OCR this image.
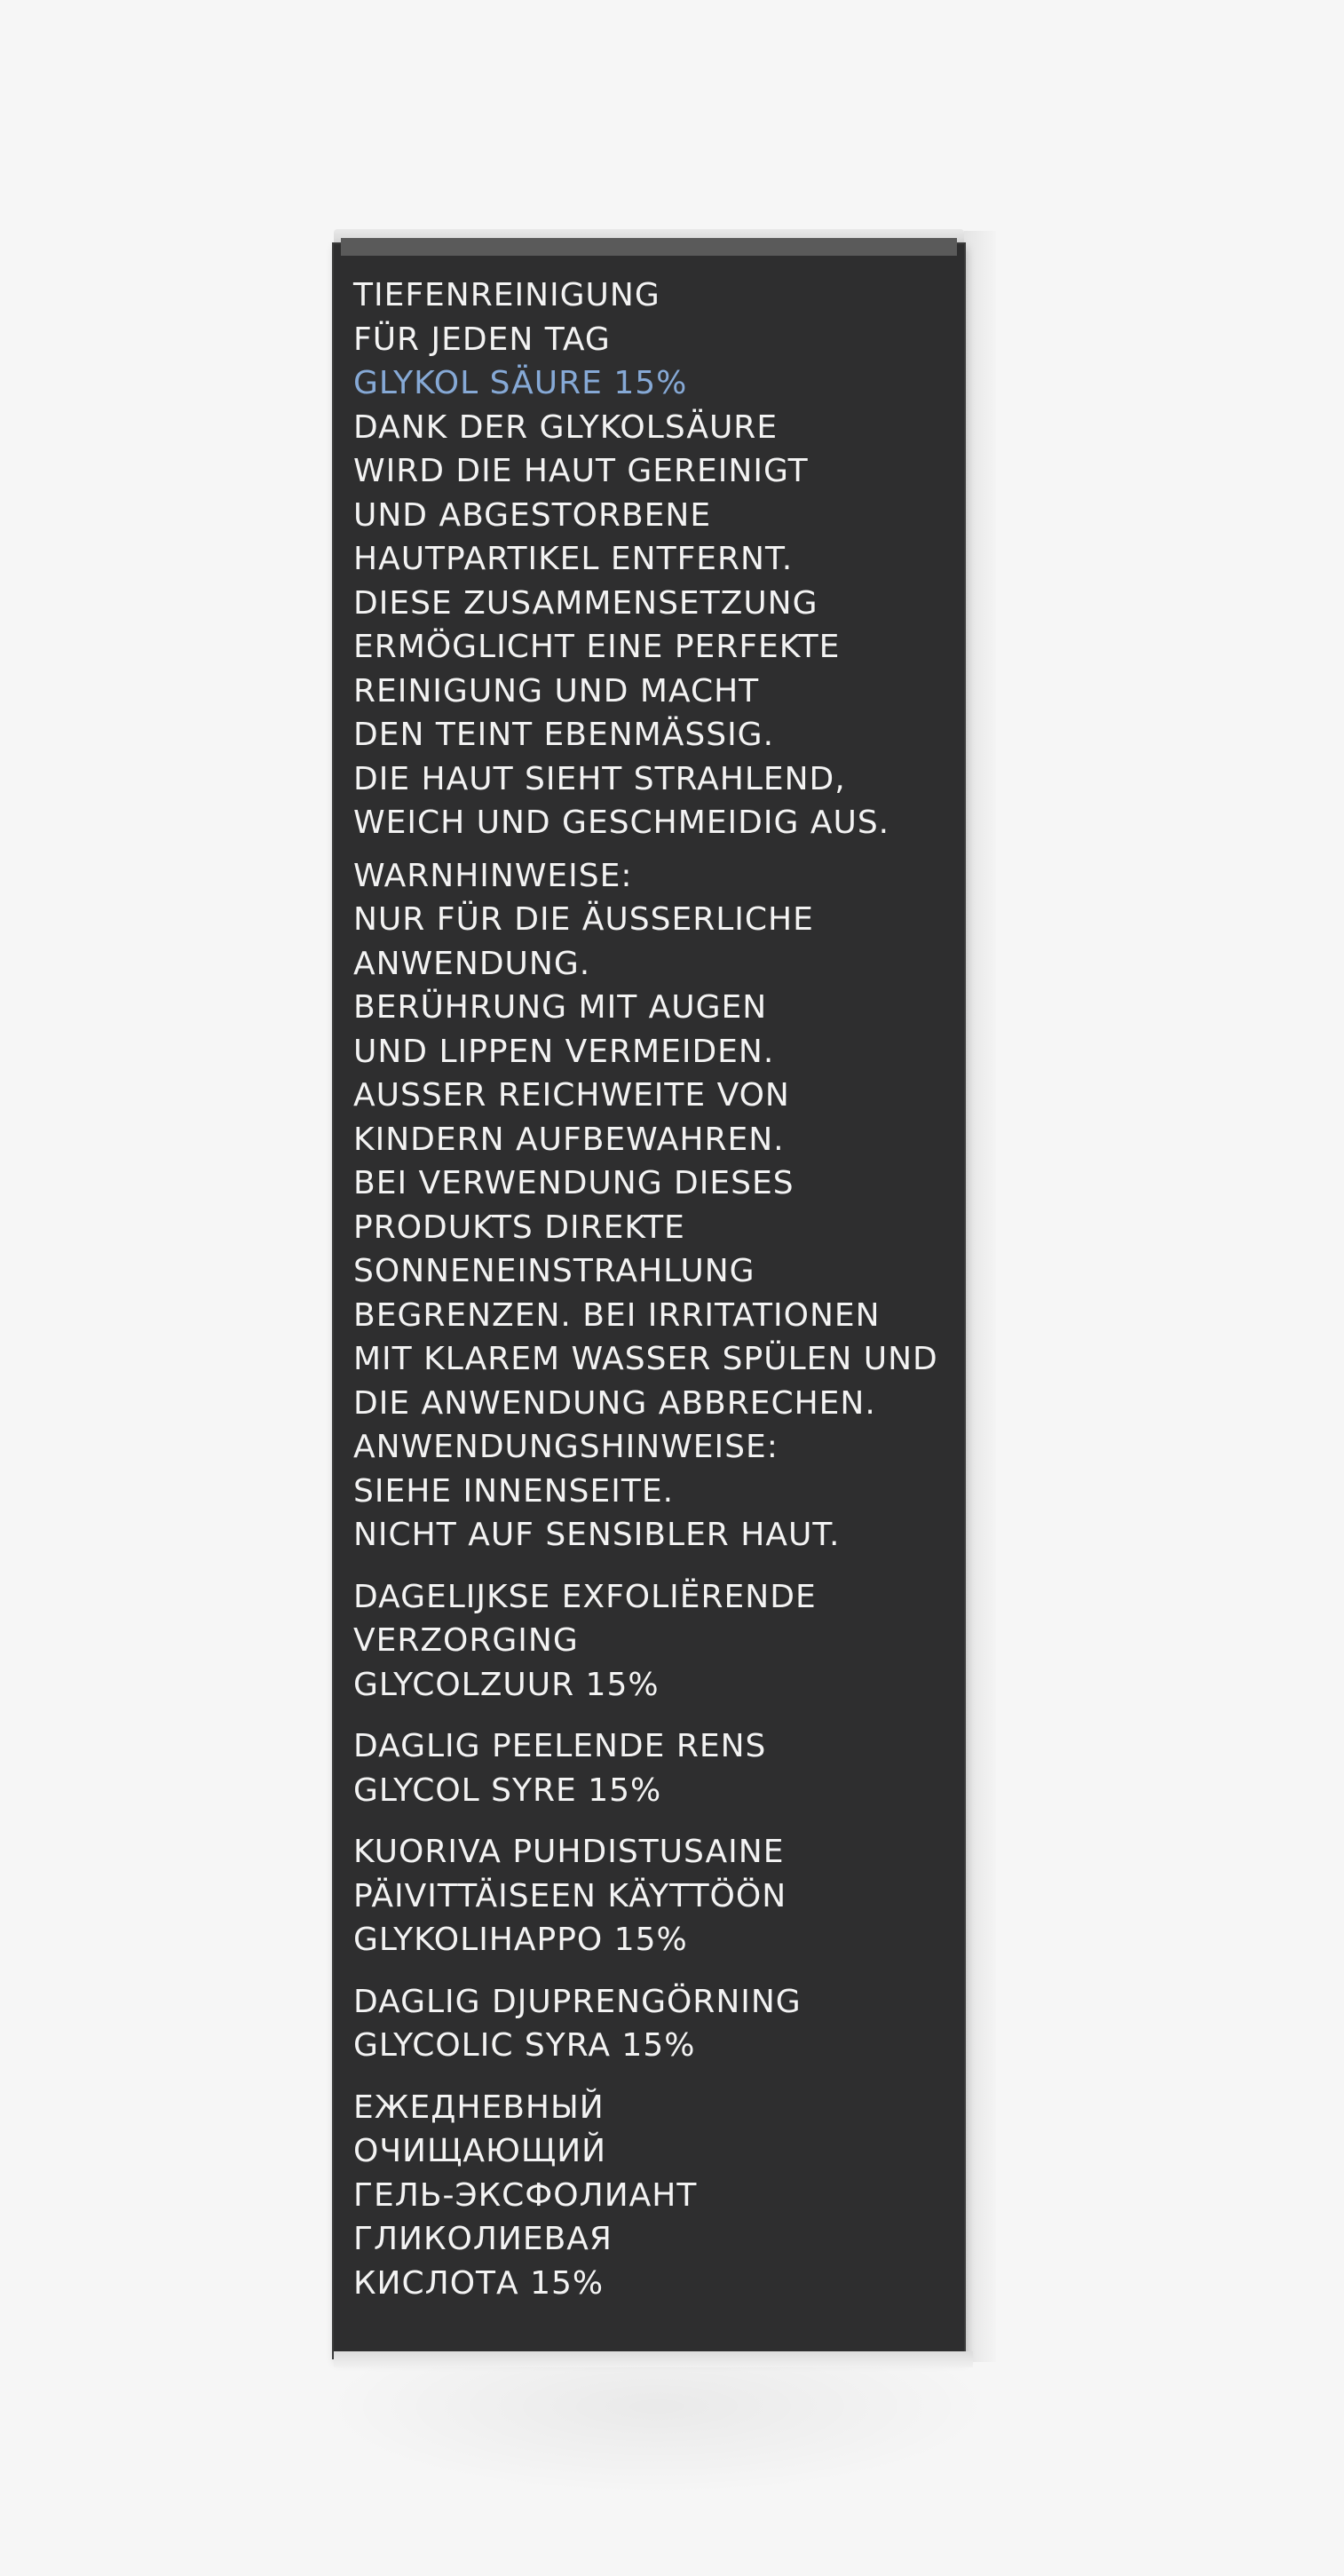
TIEFENREINIGUNG
FÜR JEDEN TAG
GLYKOL SÄURE 15%
DANK DER GLYKOLSÄURE
WIRD DIE HAUT GEREINIGT
UND ABGESTORBENE
HAUTPARTIKEL ENTFERNT.
DIESE ZUSAMMENSETZUNG
ERMÖGLICHT EINE PERFEKTE
REINIGUNG UND MACHT
DEN TEINT EBENMÄSSIG.
DIE HAUT SIEHT STRAHLEND,
WEICH UND GESCHMEIDIG AUS.
WARNHINWEISE:
NUR FÜR DIE ÄUSSERLICHE
ANWENDUNG.
BERÜHRUNG MIT AUGEN
UND LIPPEN VERMEIDEN.
AUSSER REICHWEITE VON
KINDERN AUFBEWAHREN.
BEI VERWENDUNG DIESES
PRODUKTS DIREKTE
SONNENEINSTRAHLUNG
BEGRENZEN. BEI IRRITATIONEN
MIT KLAREM WASSER SPÜLEN UND
DIE ANWENDUNG ABBRECHEN.
ANWENDUNGSHINWEISE:
SIEHE INNENSEITE.
NICHT AUF SENSIBLER HAUT.
DAGELIJKSE EXFOLIËRENDE
VERZORGING
GLYCOLZUUR 15%
DAGLIG PEELENDE RENS
GLYCOL SYRE 15%
KUORIVA PUHDISTUSAINE
PÄIVITTÄISEEN KÄYTTÖÖN
GLYKOLIHAPPO 15%
DAGLIG DJUPRENGÖRNING
GLYCOLIC SYRA 15%
ЕЖЕДНЕВНЫЙ
ОЧИЩАЮЩИЙ
ГЕЛЬ-ЭКСФОЛИАНТ
ГЛИКОЛИЕВАЯ
КИСЛОТА 15%
